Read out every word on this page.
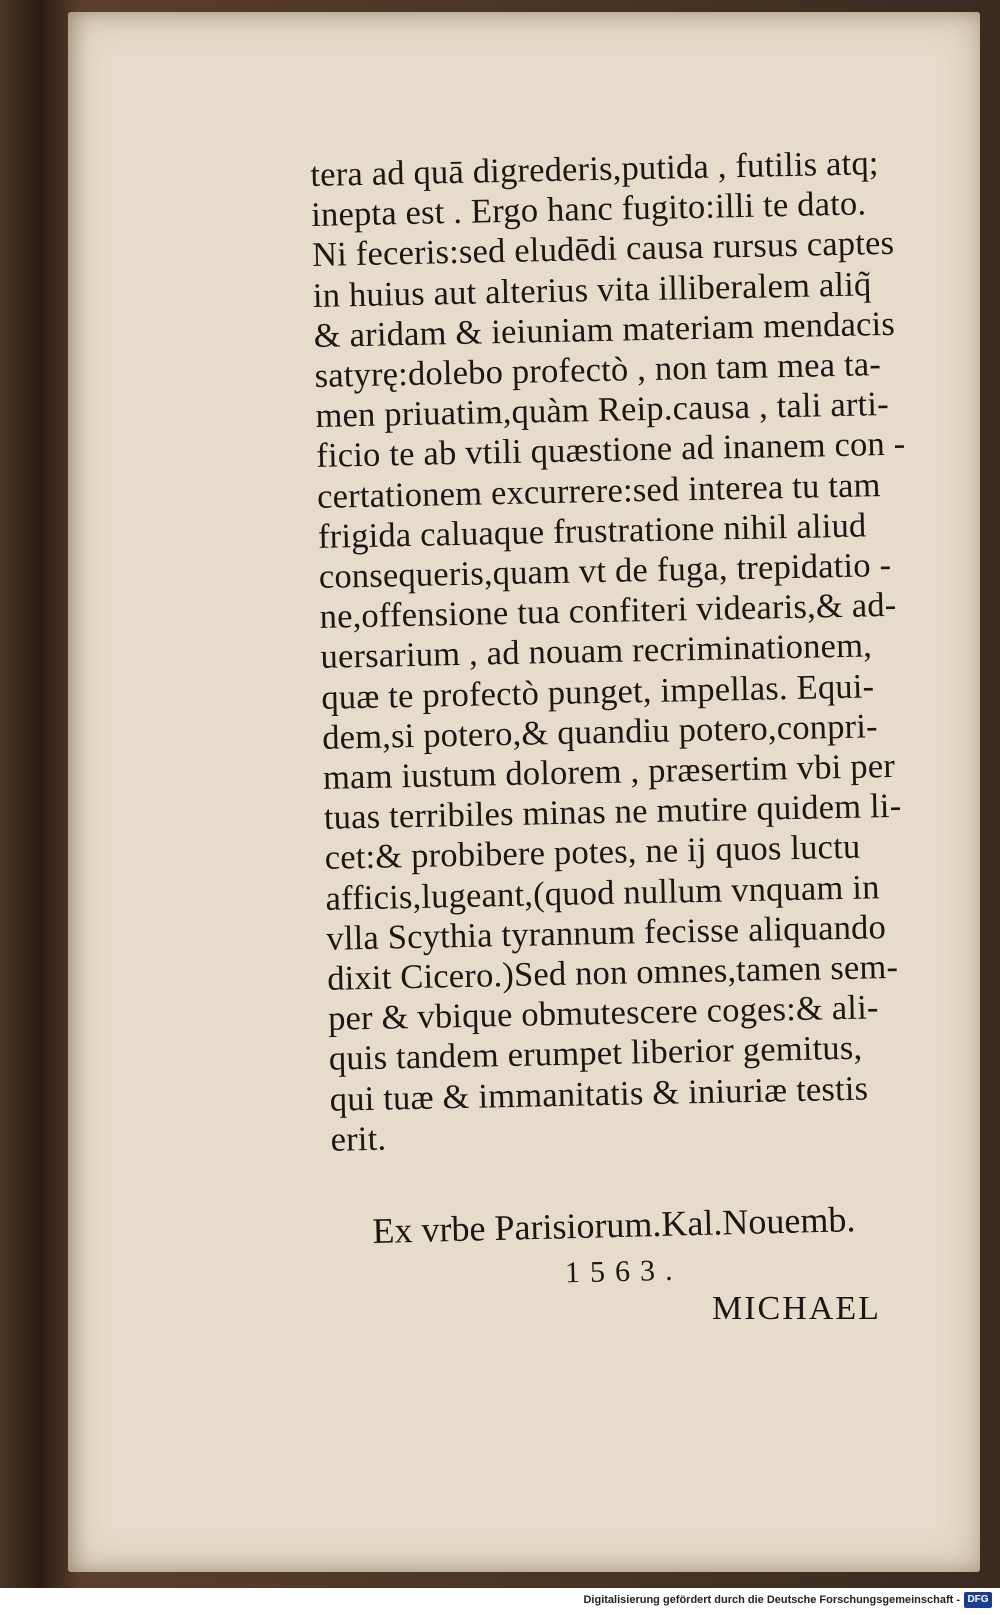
tera ad quā digrederis,putida , futilis atq;
inepta est . Ergo hanc fugito:illi te dato.
Ni feceris:sed eludēdi causa rursus captes
in huius aut alterius vita illiberalem aliq̃
& aridam & ieiuniam materiam mendacis
satyrę:dolebo profectò , non tam mea ta-
men priuatim,quàm Reip.causa , tali arti-
ficio te ab vtili quæstione ad inanem con -
certationem excurrere:sed interea tu tam
frigida caluaque frustratione nihil aliud
consequeris,quam vt de fuga, trepidatio -
ne,offensione tua confiteri videaris,& ad-
uersarium , ad nouam recriminationem,
quæ te profectò punget, impellas. Equi-
dem,si potero,& quandiu potero,conpri-
mam iustum dolorem , præsertim vbi per
tuas terribiles minas ne mutire quidem li-
cet:& probibere potes, ne ij quos luctu
afficis,lugeant,(quod nullum vnquam in
vlla Scythia tyrannum fecisse aliquando
dixit Cicero.)Sed non omnes,tamen sem-
per & vbique obmutescere coges:& ali-
quis tandem erumpet liberior gemitus,
qui tuæ & immanitatis & iniuriæ testis
erit.
Ex vrbe Parisiorum.Kal.Nouemb.
1563.
MICHAEL
Digitalisierung gefördert durch die Deutsche Forschungsgemeinschaft - DFG
